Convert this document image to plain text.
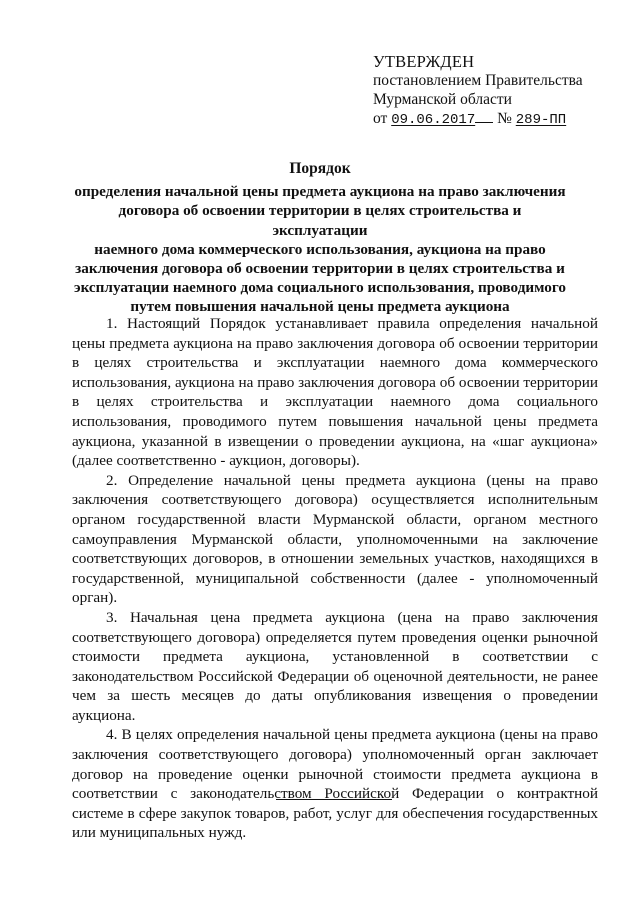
УТВЕРЖДЕН
постановлением Правительства
Мурманской области
от 09.06.2017 № 289-ПП
Порядок
определения начальной цены предмета аукциона на право заключения
договора об освоении территории в целях строительства и эксплуатации
наемного дома коммерческого использования, аукциона на право
заключения договора об освоении территории в целях строительства и
эксплуатации наемного дома социального использования, проводимого
путем повышения начальной цены предмета аукциона

1. Настоящий Порядок устанавливает правила определения начальной цены предмета аукциона на право заключения договора об освоении территории в целях строительства и эксплуатации наемного дома коммерческого использования, аукциона на право заключения договора об освоении территории в целях строительства и эксплуатации наемного дома социального использования, проводимого путем повышения начальной цены предмета аукциона, указанной в извещении о проведении аукциона, на «шаг аукциона» (далее соответственно - аукцион, договоры).

2. Определение начальной цены предмета аукциона (цены на право заключения соответствующего договора) осуществляется исполнительным органом государственной власти Мурманской области, органом местного самоуправления Мурманской области, уполномоченными на заключение соответствующих договоров, в отношении земельных участков, находящихся в государственной, муниципальной собственности (далее - уполномоченный орган).

3. Начальная цена предмета аукциона (цена на право заключения соответствующего договора) определяется путем проведения оценки рыночной стоимости предмета аукциона, установленной в соответствии с законодательством Российской Федерации об оценочной деятельности, не ранее чем за шесть месяцев до даты опубликования извещения о проведении аукциона.

4. В целях определения начальной цены предмета аукциона (цены на право заключения соответствующего договора) уполномоченный орган заключает договор на проведение оценки рыночной стоимости предмета аукциона в соответствии с законодательством Российской Федерации о контрактной системе в сфере закупок товаров, работ, услуг для обеспечения государственных или муниципальных нужд.
